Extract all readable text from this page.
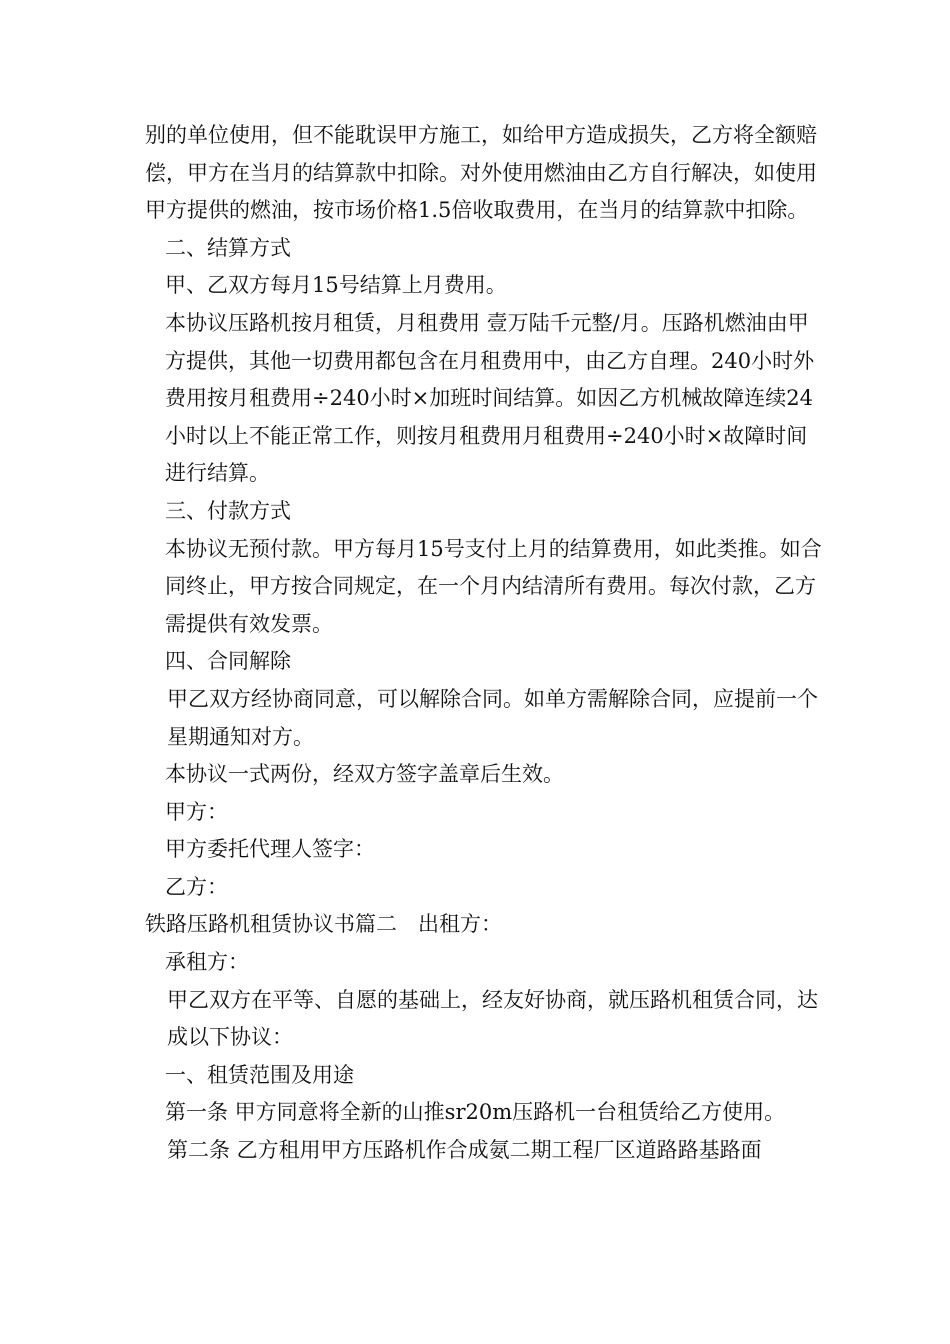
别的单位使用，但不能耽误甲方施工，如给甲方造成损失，乙方将全额赔偿，甲方在当月的结算款中扣除。对外使用燃油由乙方自行解决，如使用甲方提供的燃油，按市场价格1.5倍收取费用，在当月的结算款中扣除。

二、结算方式

甲、乙双方每月15号结算上月费用。

本协议压路机按月租赁，月租费用 壹万陆千元整/月。压路机燃油由甲方提供，其他一切费用都包含在月租费用中，由乙方自理。240小时外费用按月租费用÷240小时×加班时间结算。如因乙方机械故障连续24小时以上不能正常工作，则按月租费用月租费用÷240小时×故障时间进行结算。

三、付款方式

本协议无预付款。甲方每月15号支付上月的结算费用，如此类推。如合同终止，甲方按合同规定，在一个月内结清所有费用。每次付款，乙方需提供有效发票。

四、合同解除

甲乙双方经协商同意，可以解除合同。如单方需解除合同，应提前一个星期通知对方。

本协议一式两份，经双方签字盖章后生效。

甲方：

甲方委托代理人签字：

乙方：

铁路压路机租赁协议书篇二　出租方：

承租方：

甲乙双方在平等、自愿的基础上，经友好协商，就压路机租赁合同，达成以下协议：

一、租赁范围及用途

第一条 甲方同意将全新的山推sr20m压路机一台租赁给乙方使用。

第二条 乙方租用甲方压路机作合成氨二期工程厂区道路路基路面
